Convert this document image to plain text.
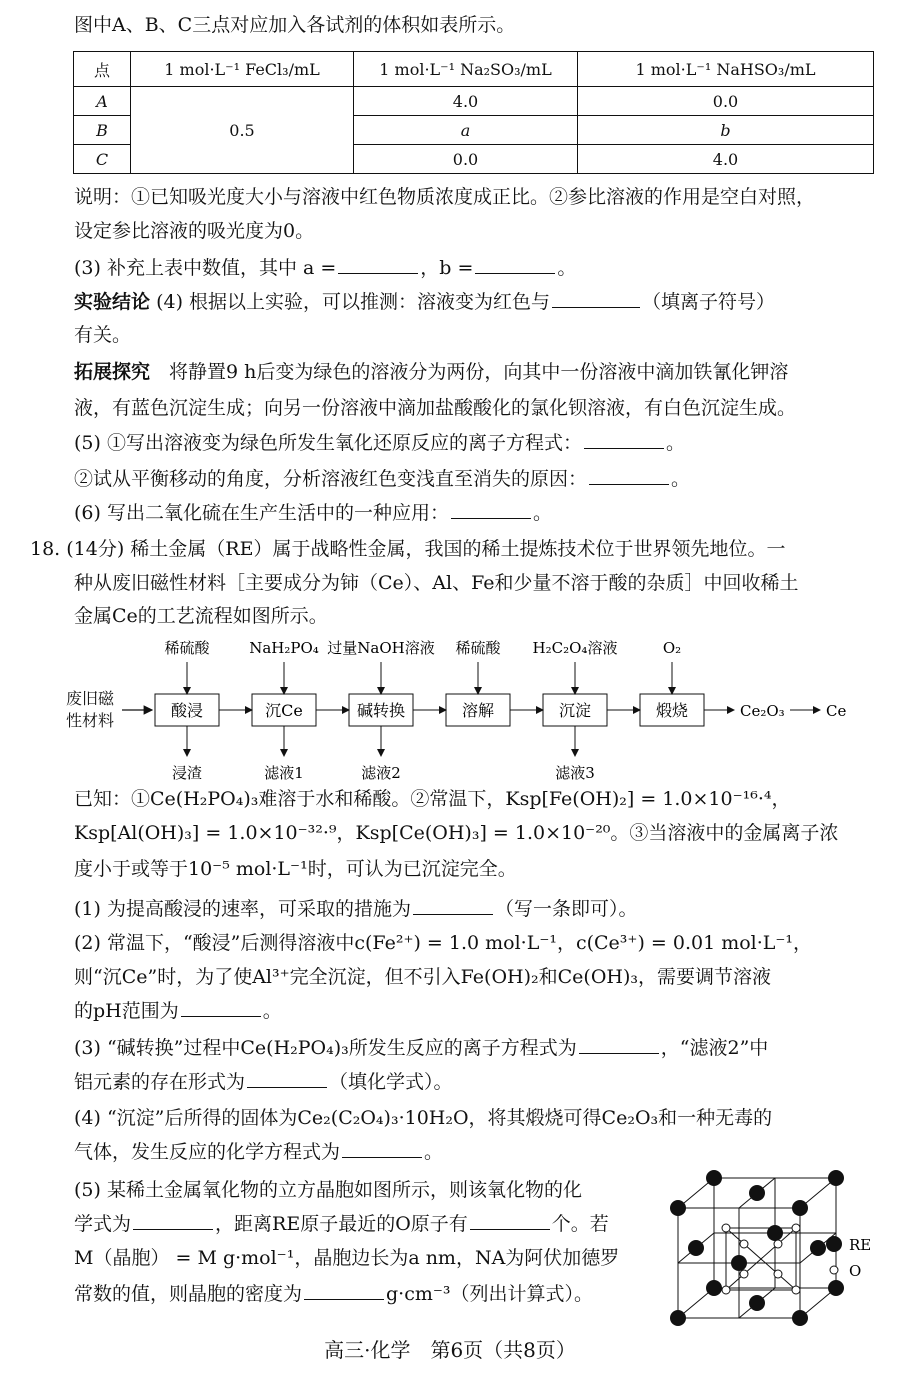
图中A、B、C三点对应加入各试剂的体积如表所示。
点	1 mol·L⁻¹ FeCl₃/mL	1 mol·L⁻¹ Na₂SO₃/mL	1 mol·L⁻¹ NaHSO₃/mL
A	0.5	4.0	0.0
B		a	b
C		0.0	4.0
说明：①已知吸光度大小与溶液中红色物质浓度成正比。②参比溶液的作用是空白对照，
设定参比溶液的吸光度为0。
(3) 补充上表中数值，其中 a =	，b =	。
实验结论 (4) 根据以上实验，可以推测：溶液变为红色与	（填离子符号）
有关。
拓展探究　 将静置9 h后变为绿色的溶液分为两份，向其中一份溶液中滴加铁氰化钾溶
液，有蓝色沉淀生成；向另一份溶液中滴加盐酸酸化的氯化钡溶液，有白色沉淀生成。
(5) ①写出溶液变为绿色所发生氧化还原反应的离子方程式：	。
②试从平衡移动的角度，分析溶液红色变浅直至消失的原因：	。
(6) 写出二氧化硫在生产生活中的一种应用：	。
18. (14分) 稀土金属（RE）属于战略性金属，我国的稀土提炼技术位于世界领先地位。一
种从废旧磁性材料［主要成分为铈（Ce）、Al、Fe和少量不溶于酸的杂质］中回收稀土
金属Ce的工艺流程如图所示。
废旧磁
性材料
酸浸
稀硫酸
浸渣
沉Ce
NaH₂PO₄
滤液1
碱转换
过量NaOH溶液
滤液2
溶解
稀硫酸
沉淀
H₂C₂O₄溶液
滤液3
煅烧
O₂
Ce₂O₃	Ce
已知：①Ce(H₂PO₄)₃难溶于水和稀酸。②常温下，Ksp[Fe(OH)₂] = 1.0×10⁻¹⁶·⁴，
Ksp[Al(OH)₃] = 1.0×10⁻³²·⁹，Ksp[Ce(OH)₃] = 1.0×10⁻²⁰。③当溶液中的金属离子浓
度小于或等于10⁻⁵ mol·L⁻¹时，可认为已沉淀完全。
(1) 为提高酸浸的速率，可采取的措施为	（写一条即可）。
(2) 常温下，“酸浸”后测得溶液中c(Fe²⁺) = 1.0 mol·L⁻¹，c(Ce³⁺) = 0.01 mol·L⁻¹，
则“沉Ce”时，为了使Al³⁺完全沉淀，但不引入Fe(OH)₂和Ce(OH)₃，需要调节溶液
的pH范围为	。
(3) “碱转换”过程中Ce(H₂PO₄)₃所发生反应的离子方程式为	，“滤液2”中
铝元素的存在形式为	（填化学式）。
(4) “沉淀”后所得的固体为Ce₂(C₂O₄)₃·10H₂O，将其煅烧可得Ce₂O₃和一种无毒的
气体，发生反应的化学方程式为	。
(5) 某稀土金属氧化物的立方晶胞如图所示，则该氧化物的化
学式为	，距离RE原子最近的O原子有	个。若
M（晶胞） = M g·mol⁻¹，晶胞边长为a nm，NA为阿伏加德罗
常数的值，则晶胞的密度为	g·cm⁻³（列出计算式）。
RE
O
高三·化学　第6页（共8页）
